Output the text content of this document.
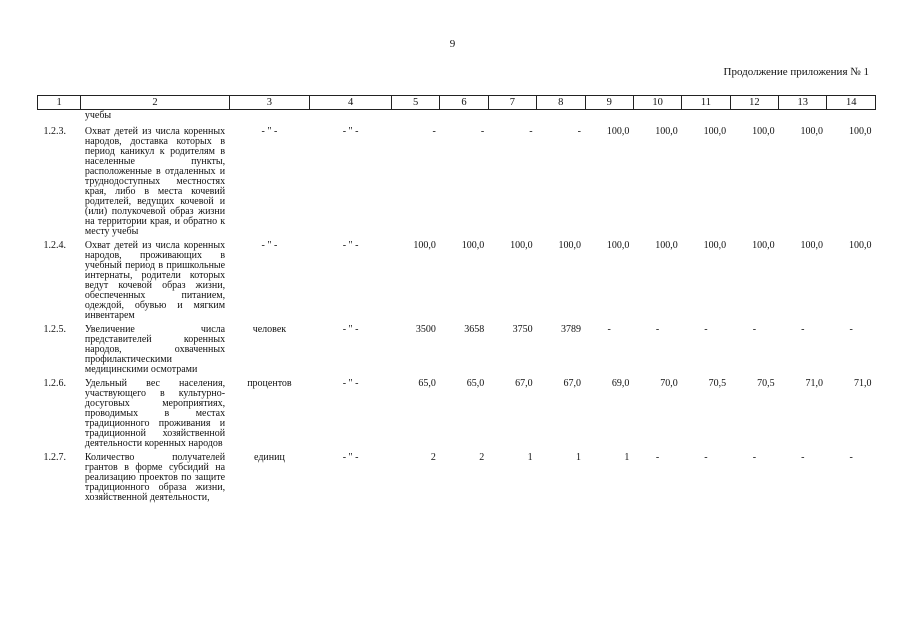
9
Продолжение приложения № 1
1	2	3	4	5	6	7	8	9	10	11	12	13	14
	учебы												
1.2.3.	Охват детей из числа коренных народов, доставка которых в период каникул к родителям в населенные пункты, расположенные в отдаленных и труднодоступных местностях края, либо в места кочевий родителей, ведущих кочевой и (или) полукочевой образ жизни на территории края, и обратно к месту учебы	- " -	- " -	-	-	-	-	100,0	100,0	100,0	100,0	100,0	100,0
1.2.4.	Охват детей из числа коренных народов, проживающих в учебный период в пришкольные интернаты, родители которых ведут кочевой образ жизни, обеспеченных питанием, одеждой, обувью и мягким инвентарем	- " -	- " -	100,0	100,0	100,0	100,0	100,0	100,0	100,0	100,0	100,0	100,0
1.2.5.	Увеличение числа представителей коренных народов, охваченных профилактическими медицинскими осмотрами	человек	- " -	3500	3658	3750	3789	-	-	-	-	-	-
1.2.6.	Удельный вес населения, участвующего в культурно-досуговых мероприятиях, проводимых в местах традиционного проживания и традиционной хозяйственной деятельности коренных народов	процентов	- " -	65,0	65,0	67,0	67,0	69,0	70,0	70,5	70,5	71,0	71,0
1.2.7.	Количество получателей грантов в форме субсидий на реализацию проектов по защите традиционного образа жизни, хозяйственной деятельности,	единиц	- " -	2	2	1	1	1	-	-	-	-	-
